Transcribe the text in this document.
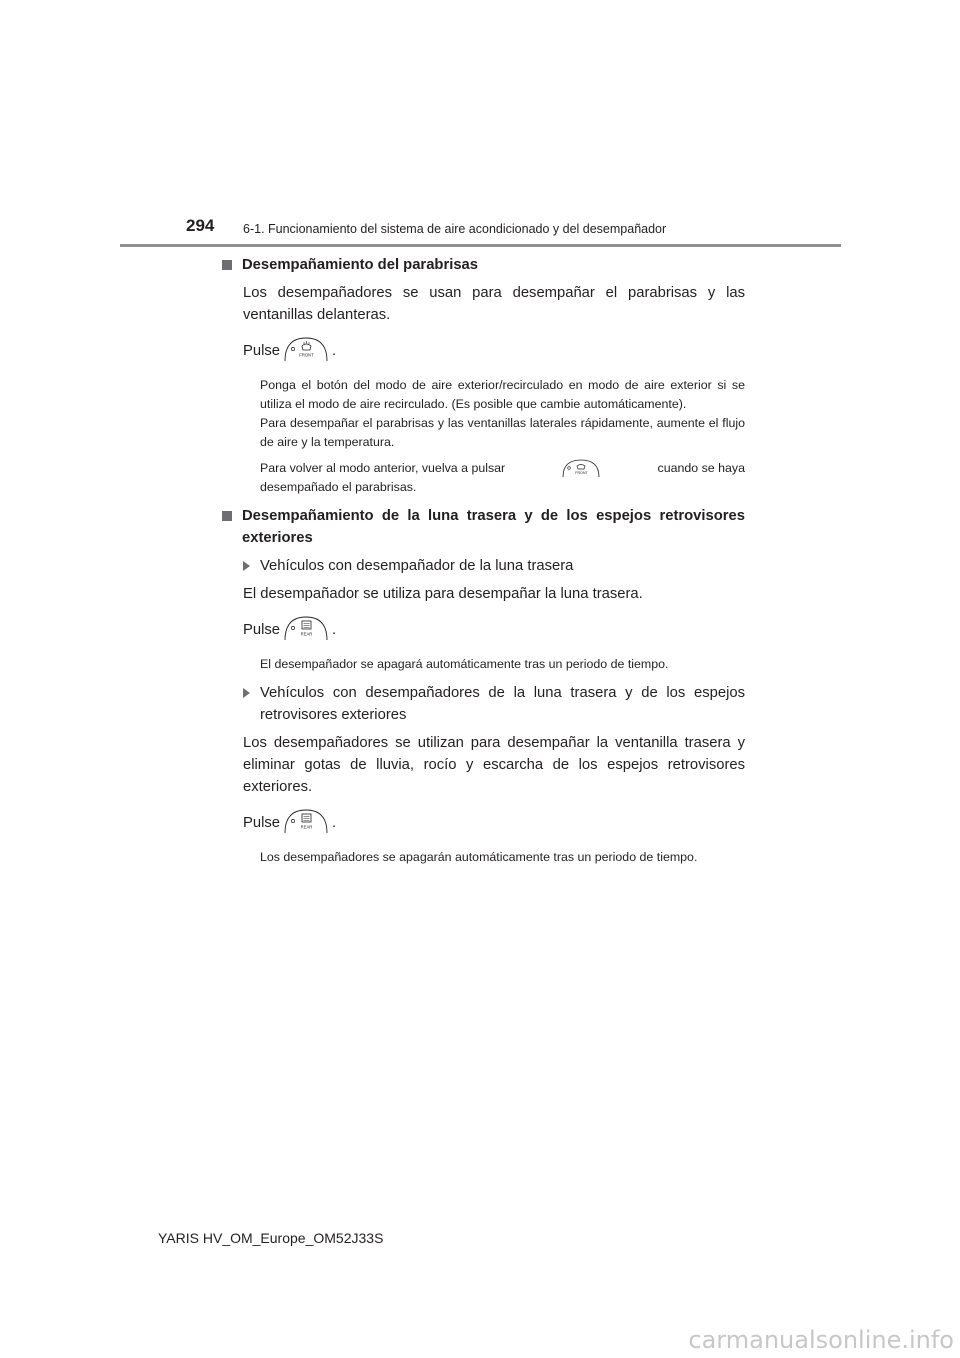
294 6-1. Funcionamiento del sistema de aire acondicionado y del desempañador
Desempañamiento del parabrisas

Los desempañadores se usan para desempañar el parabrisas y las ventanillas delanteras.

Pulse	FRONT .

Ponga el botón del modo de aire exterior/recirculado en modo de aire exterior si se utiliza el modo de aire recirculado. (Es posible que cambie automáticamente).

Para desempañar el parabrisas y las ventanillas laterales rápidamente, aumente el flujo de aire y la temperatura.

Para volver al modo anterior, vuelva a pulsar	FRONT	cuando se haya

desempañado el parabrisas.

Desempañamiento de la luna trasera y de los espejos retrovisores exteriores
Vehículos con desempañador de la luna trasera

El desempañador se utiliza para desempañar la luna trasera.

Pulse	REAR .

El desempañador se apagará automáticamente tras un periodo de tiempo.

Vehículos con desempañadores de la luna trasera y de los espejos retrovisores exteriores

Los desempañadores se utilizan para desempañar la ventanilla trasera y eliminar gotas de lluvia, rocío y escarcha de los espejos retrovisores exteriores.

Pulse	REAR .

Los desempañadores se apagarán automáticamente tras un periodo de tiempo.

YARIS HV_OM_Europe_OM52J33S
carmanualsonline.info
